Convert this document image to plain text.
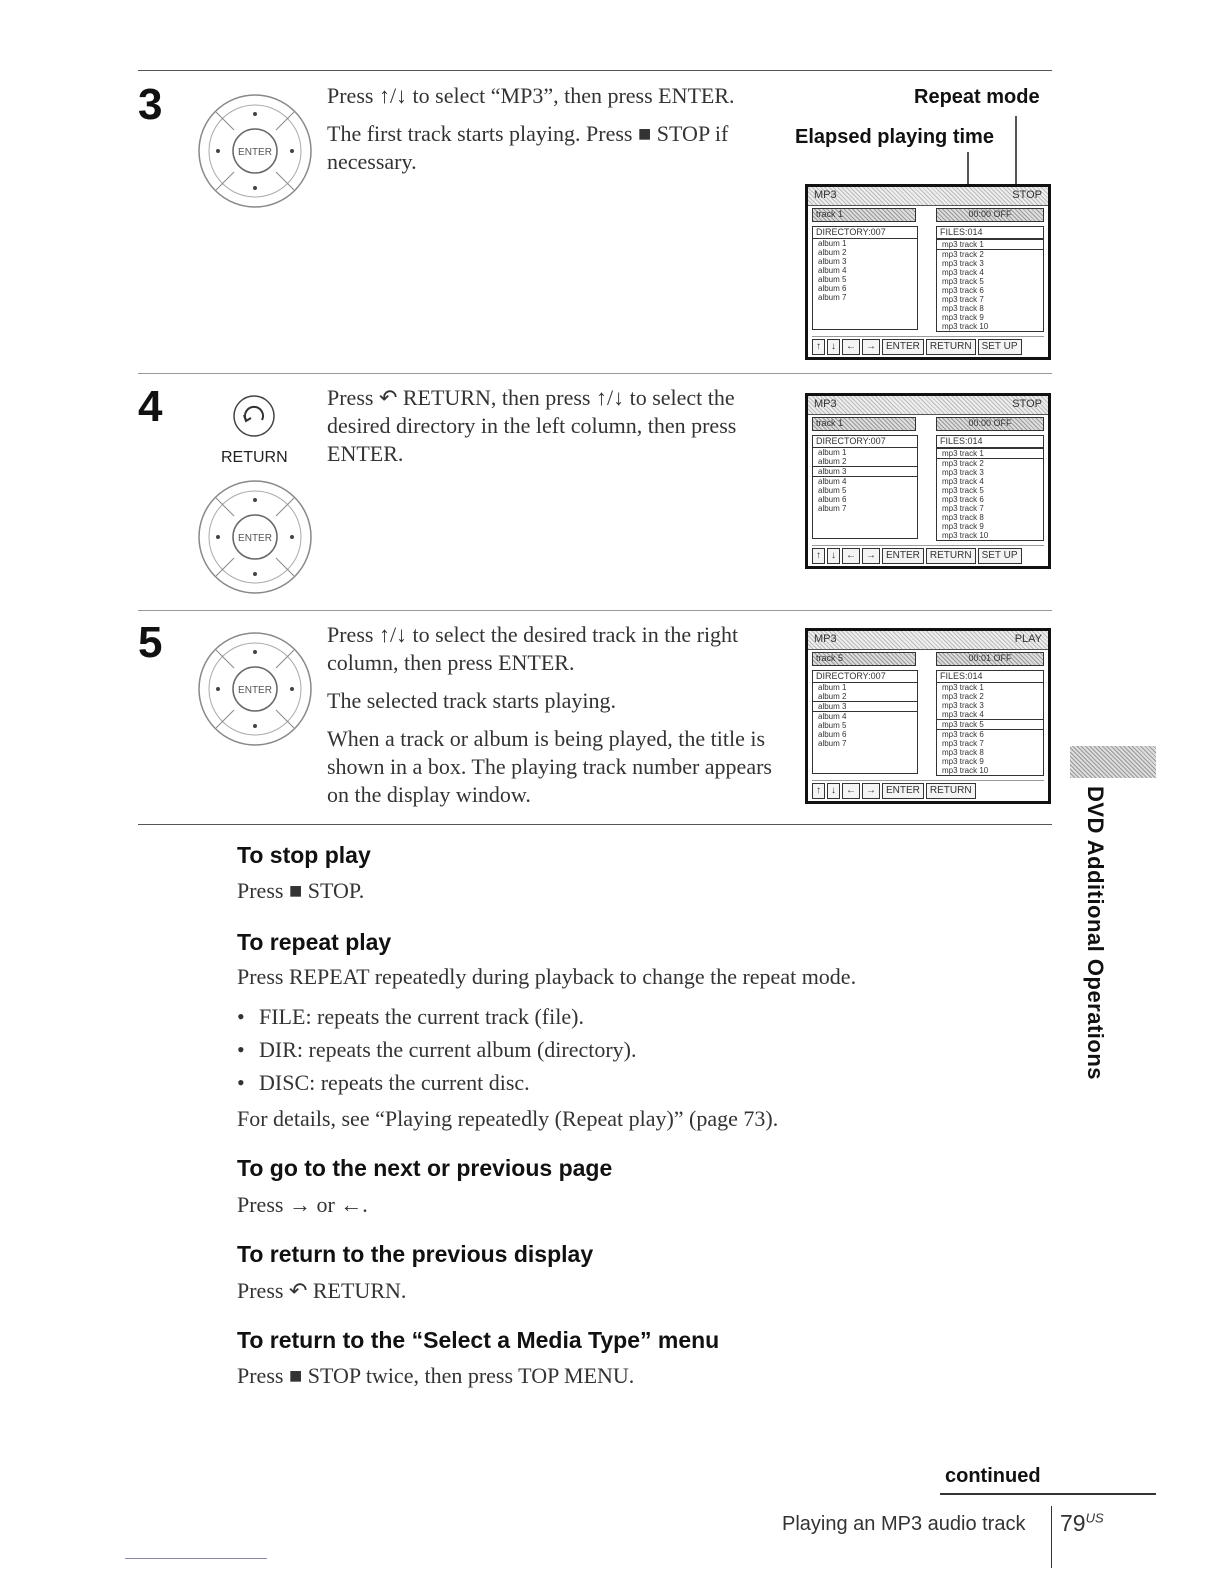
3
ENTER

Press ↑/↓ to select “MP3”, then press ENTER.

The first track starts playing. Press ■ STOP if necessary.

Repeat mode
Elapsed playing time
MP3	STOP
track 1	00:00 OFF
DIRECTORY:007
album 1
album 2
album 3
album 4
album 5
album 6
album 7
FILES:014
mp3 track 1
mp3 track 2
mp3 track 3
mp3 track 4
mp3 track 5
mp3 track 6
mp3 track 7
mp3 track 8
mp3 track 9
mp3 track 10
↑	↓	←	→	ENTER	RETURN	SET UP
4
RETURN
ENTER

Press ↶ RETURN, then press ↑/↓ to select the desired directory in the left column, then press ENTER.

MP3	STOP
track 1	00:00 OFF
DIRECTORY:007
album 1
album 2
album 3
album 4
album 5
album 6
album 7
FILES:014
mp3 track 1
mp3 track 2
mp3 track 3
mp3 track 4
mp3 track 5
mp3 track 6
mp3 track 7
mp3 track 8
mp3 track 9
mp3 track 10
↑	↓	←	→	ENTER	RETURN	SET UP
5
ENTER

Press ↑/↓ to select the desired track in the right column, then press ENTER.

The selected track starts playing.

When a track or album is being played, the title is shown in a box. The playing track number appears on the display window.

MP3	PLAY
track 5	00:01 OFF
DIRECTORY:007
album 1
album 2
album 3
album 4
album 5
album 6
album 7
FILES:014
mp3 track 1
mp3 track 2
mp3 track 3
mp3 track 4
mp3 track 5
mp3 track 6
mp3 track 7
mp3 track 8
mp3 track 9
mp3 track 10
↑	↓	←	→	ENTER	RETURN
To stop play
Press ■ STOP.
To repeat play
Press REPEAT repeatedly during playback to change the repeat mode.
• FILE: repeats the current track (file).
• DIR: repeats the current album (directory).
• DISC: repeats the current disc.
For details, see “Playing repeatedly (Repeat play)” (page 73).
To go to the next or previous page
Press → or ←.
To return to the previous display
Press ↶ RETURN.
To return to the “Select a Media Type” menu
Press ■ STOP twice, then press TOP MENU.
DVD Additional Operations
continued
Playing an MP3 audio track $79^{US}$
